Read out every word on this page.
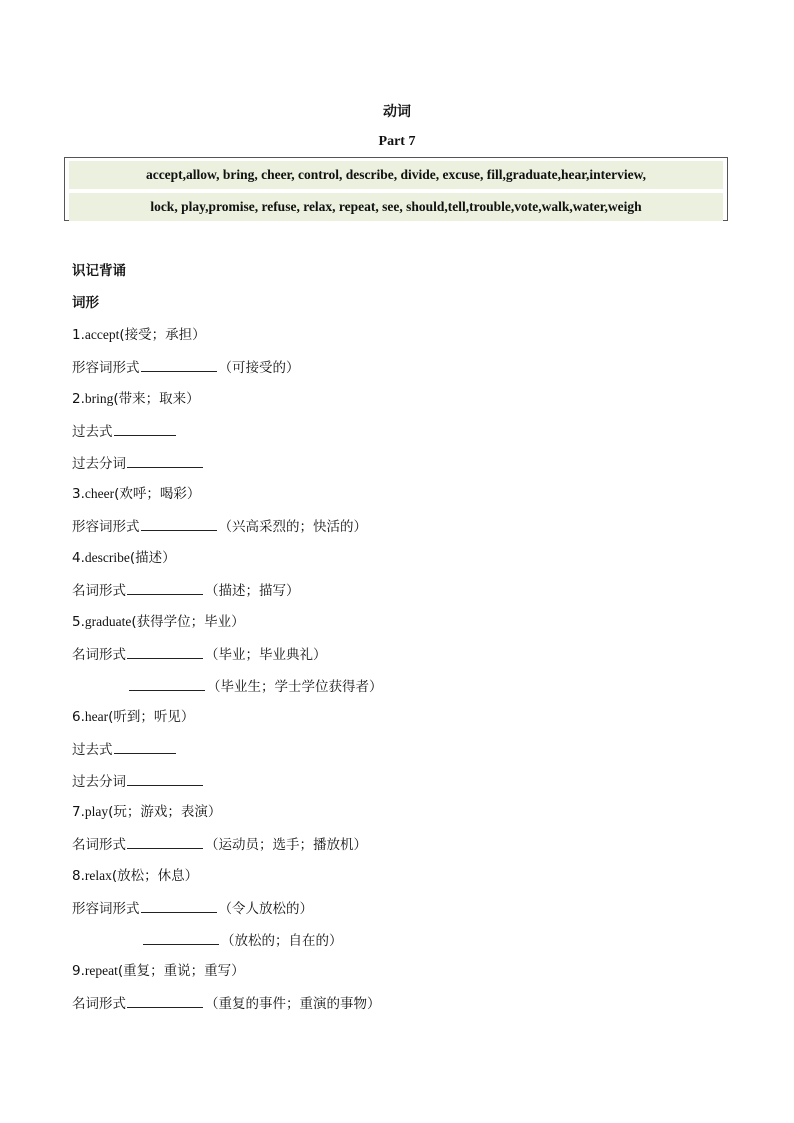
动词
Part 7
accept,allow, bring, cheer, control, describe, divide, excuse, fill,graduate,hear,interview,
lock, play,promise, refuse, relax, repeat, see, should,tell,trouble,vote,walk,water,weigh
识记背诵
词形
1.accept(接受；承担）
形容词形式	（可接受的）
2.bring(带来；取来）
过去式
过去分词
3.cheer(欢呼；喝彩）
形容词形式	（兴高采烈的；快活的）
4.describe(描述）
名词形式	（描述；描写）
5.graduate(获得学位；毕业）
名词形式	（毕业；毕业典礼）
（毕业生；学士学位获得者）
6.hear(听到；听见）
过去式
过去分词
7.play(玩；游戏；表演）
名词形式	（运动员；选手；播放机）
8.relax(放松；休息）
形容词形式	（令人放松的）
（放松的；自在的）
9.repeat(重复；重说；重写）
名词形式	（重复的事件；重演的事物）
